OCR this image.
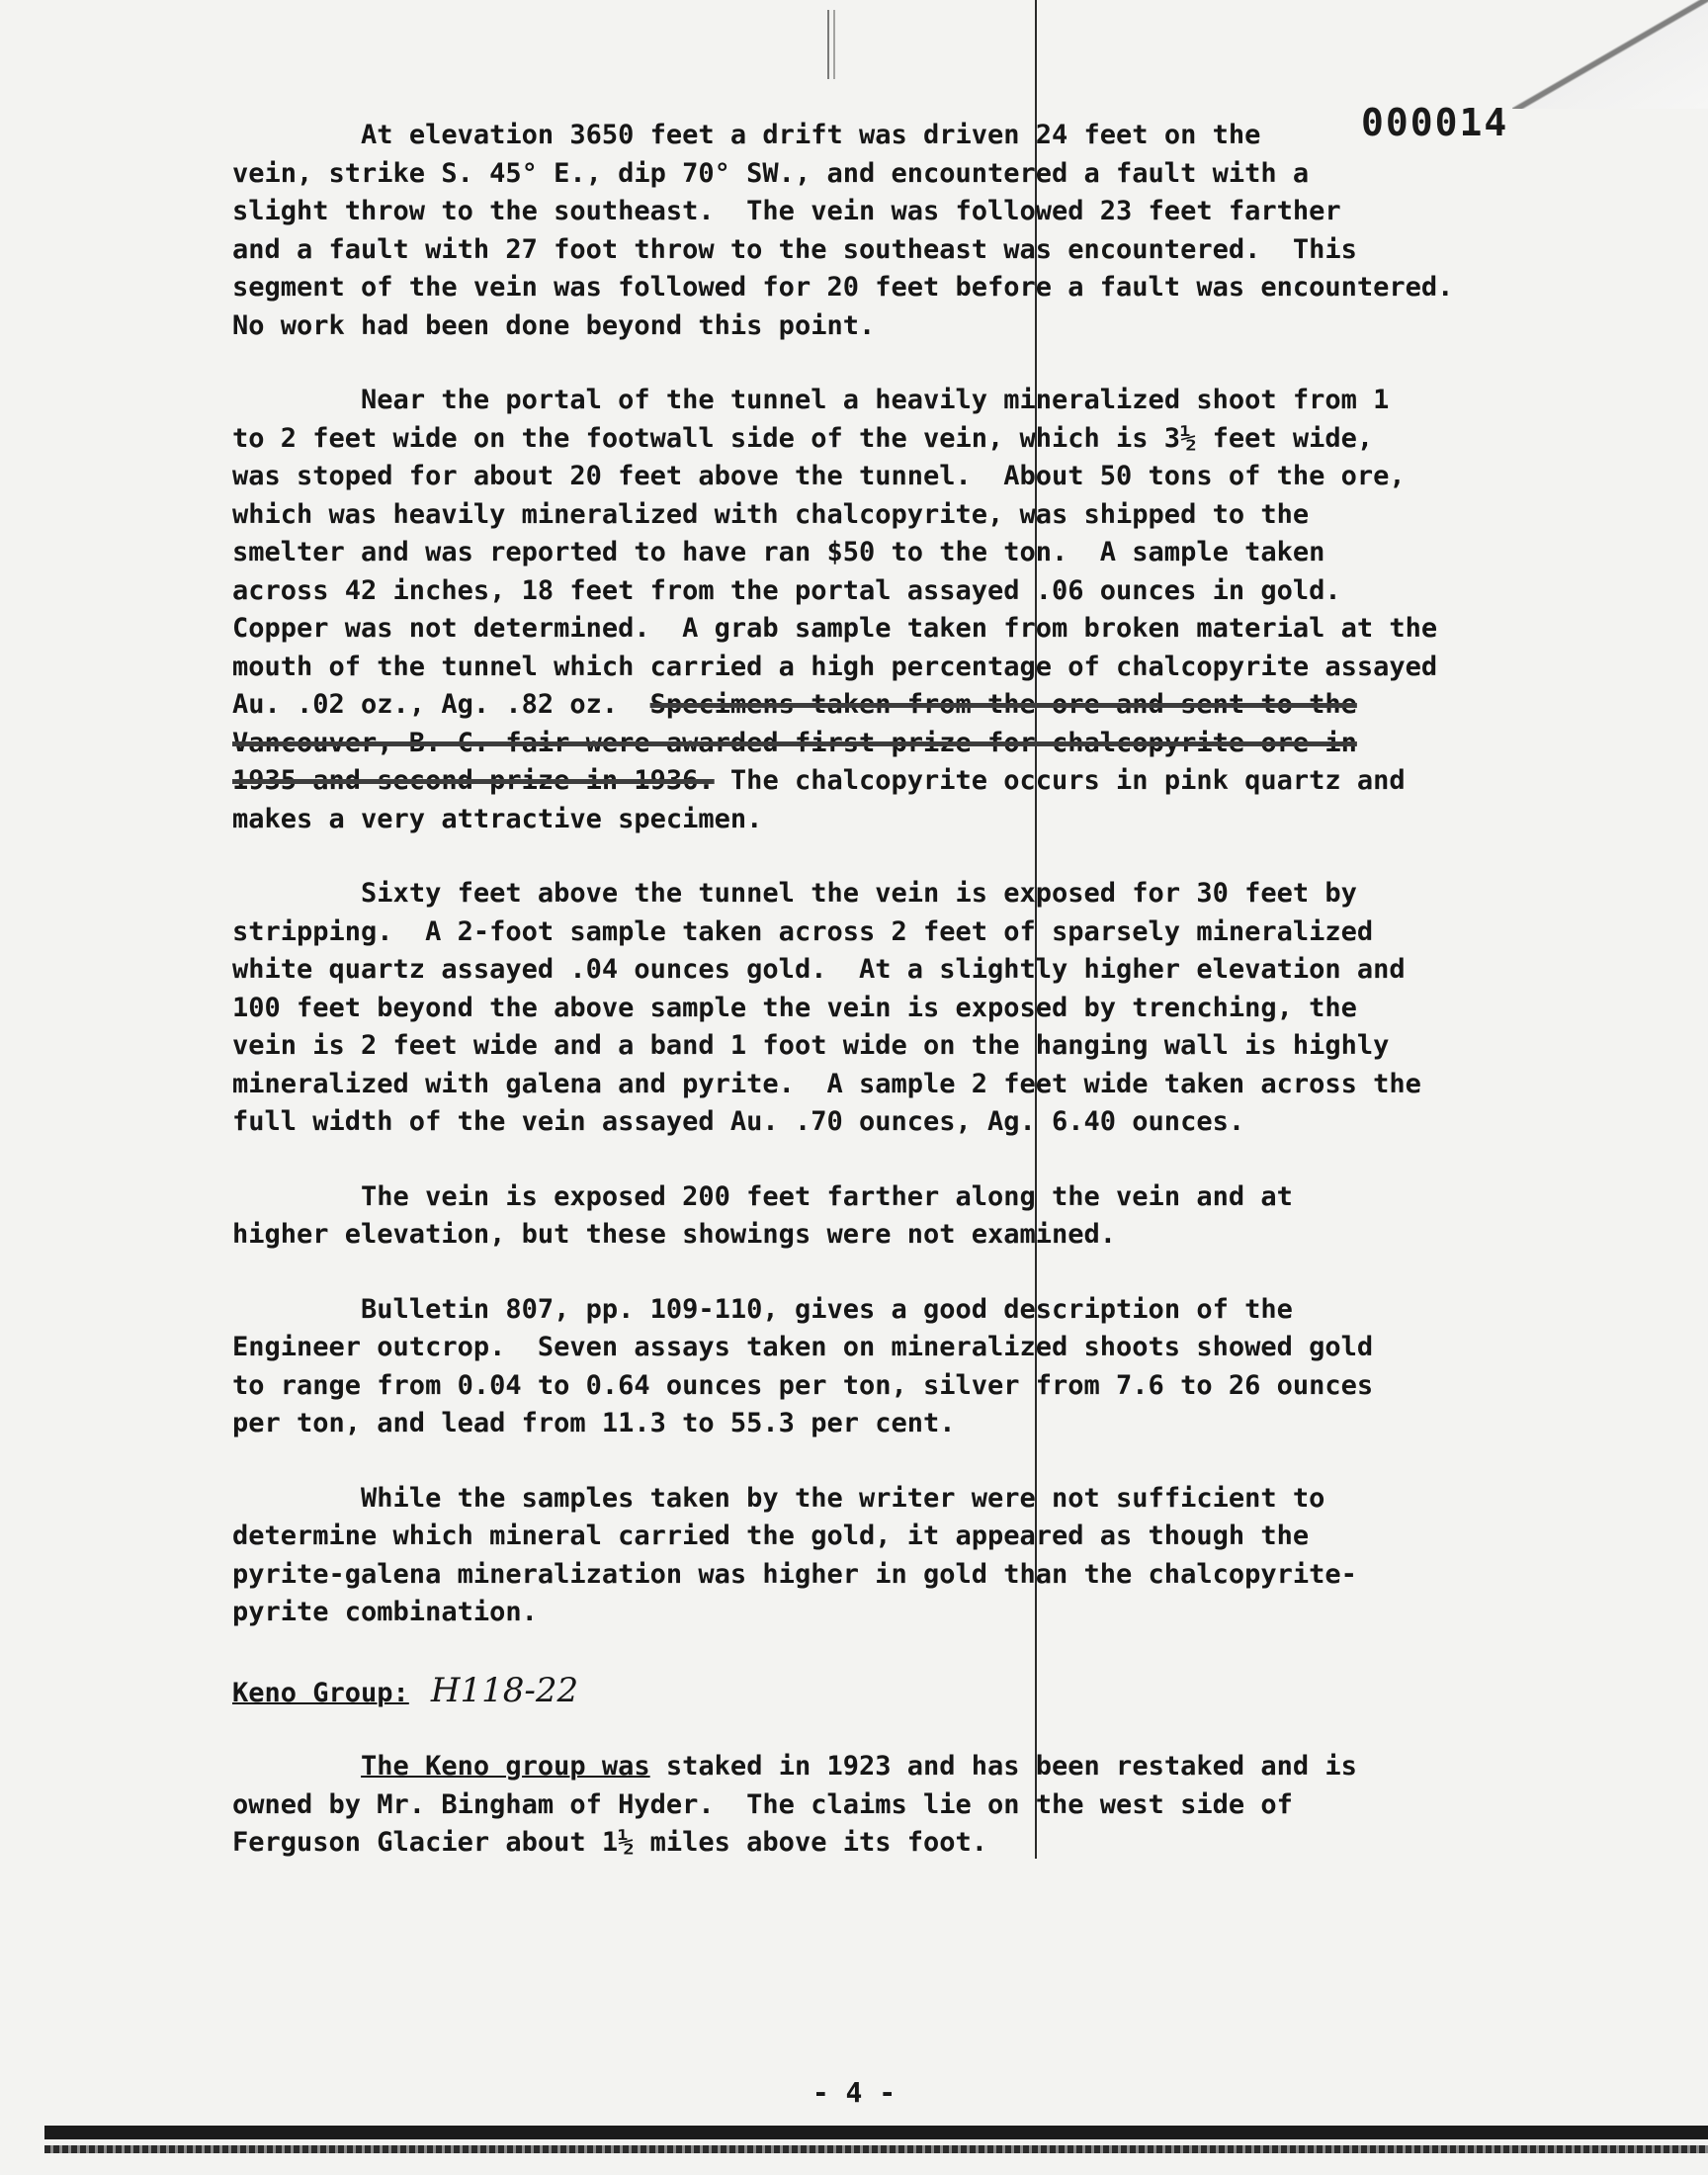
000014

At elevation 3650 feet a drift was driven 24 feet on the
vein, strike S. 45° E., dip 70° SW., and encountered a fault with a
slight throw to the southeast.  The vein was followed 23 feet farther
and a fault with 27 foot throw to the southeast was encountered.  This
segment of the vein was followed for 20 feet before a fault was encountered.
No work had been done beyond this point.

Near the portal of the tunnel a heavily mineralized shoot from 1
to 2 feet wide on the footwall side of the vein, which is 3½ feet wide,
was stoped for about 20 feet above the tunnel.  About 50 tons of the ore,
which was heavily mineralized with chalcopyrite, was shipped to the
smelter and was reported to have ran $50 to the ton.  A sample taken
across 42 inches, 18 feet from the portal assayed .06 ounces in gold.
Copper was not determined.  A grab sample taken from broken material at the
mouth of the tunnel which carried a high percentage of chalcopyrite assayed
Au. .02 oz., Ag. .82 oz.  Specimens taken from the ore and sent to the
Vancouver, B. C. fair were awarded first prize for chalcopyrite ore in
1935 and second prize in 1936. The chalcopyrite occurs in pink quartz and
makes a very attractive specimen.

Sixty feet above the tunnel the vein is exposed for 30 feet by
stripping.  A 2-foot sample taken across 2 feet of sparsely mineralized
white quartz assayed .04 ounces gold.  At a slightly higher elevation and
100 feet beyond the above sample the vein is exposed by trenching, the
vein is 2 feet wide and a band 1 foot wide on the hanging wall is highly
mineralized with galena and pyrite.  A sample 2 feet wide taken across the
full width of the vein assayed Au. .70 ounces, Ag. 6.40 ounces.

The vein is exposed 200 feet farther along the vein and at
higher elevation, but these showings were not examined.

Bulletin 807, pp. 109-110, gives a good description of the
Engineer outcrop.  Seven assays taken on mineralized shoots showed gold
to range from 0.04 to 0.64 ounces per ton, silver from 7.6 to 26 ounces
per ton, and lead from 11.3 to 55.3 per cent.

While the samples taken by the writer were not sufficient to
determine which mineral carried the gold, it appeared as though the
pyrite-galena mineralization was higher in gold than the chalcopyrite-
pyrite combination.

Keno Group: H118-22

The Keno group was staked in 1923 and has been restaked and is
owned by Mr. Bingham of Hyder.  The claims lie on the west side of
Ferguson Glacier about 1½ miles above its foot.

- 4 -
